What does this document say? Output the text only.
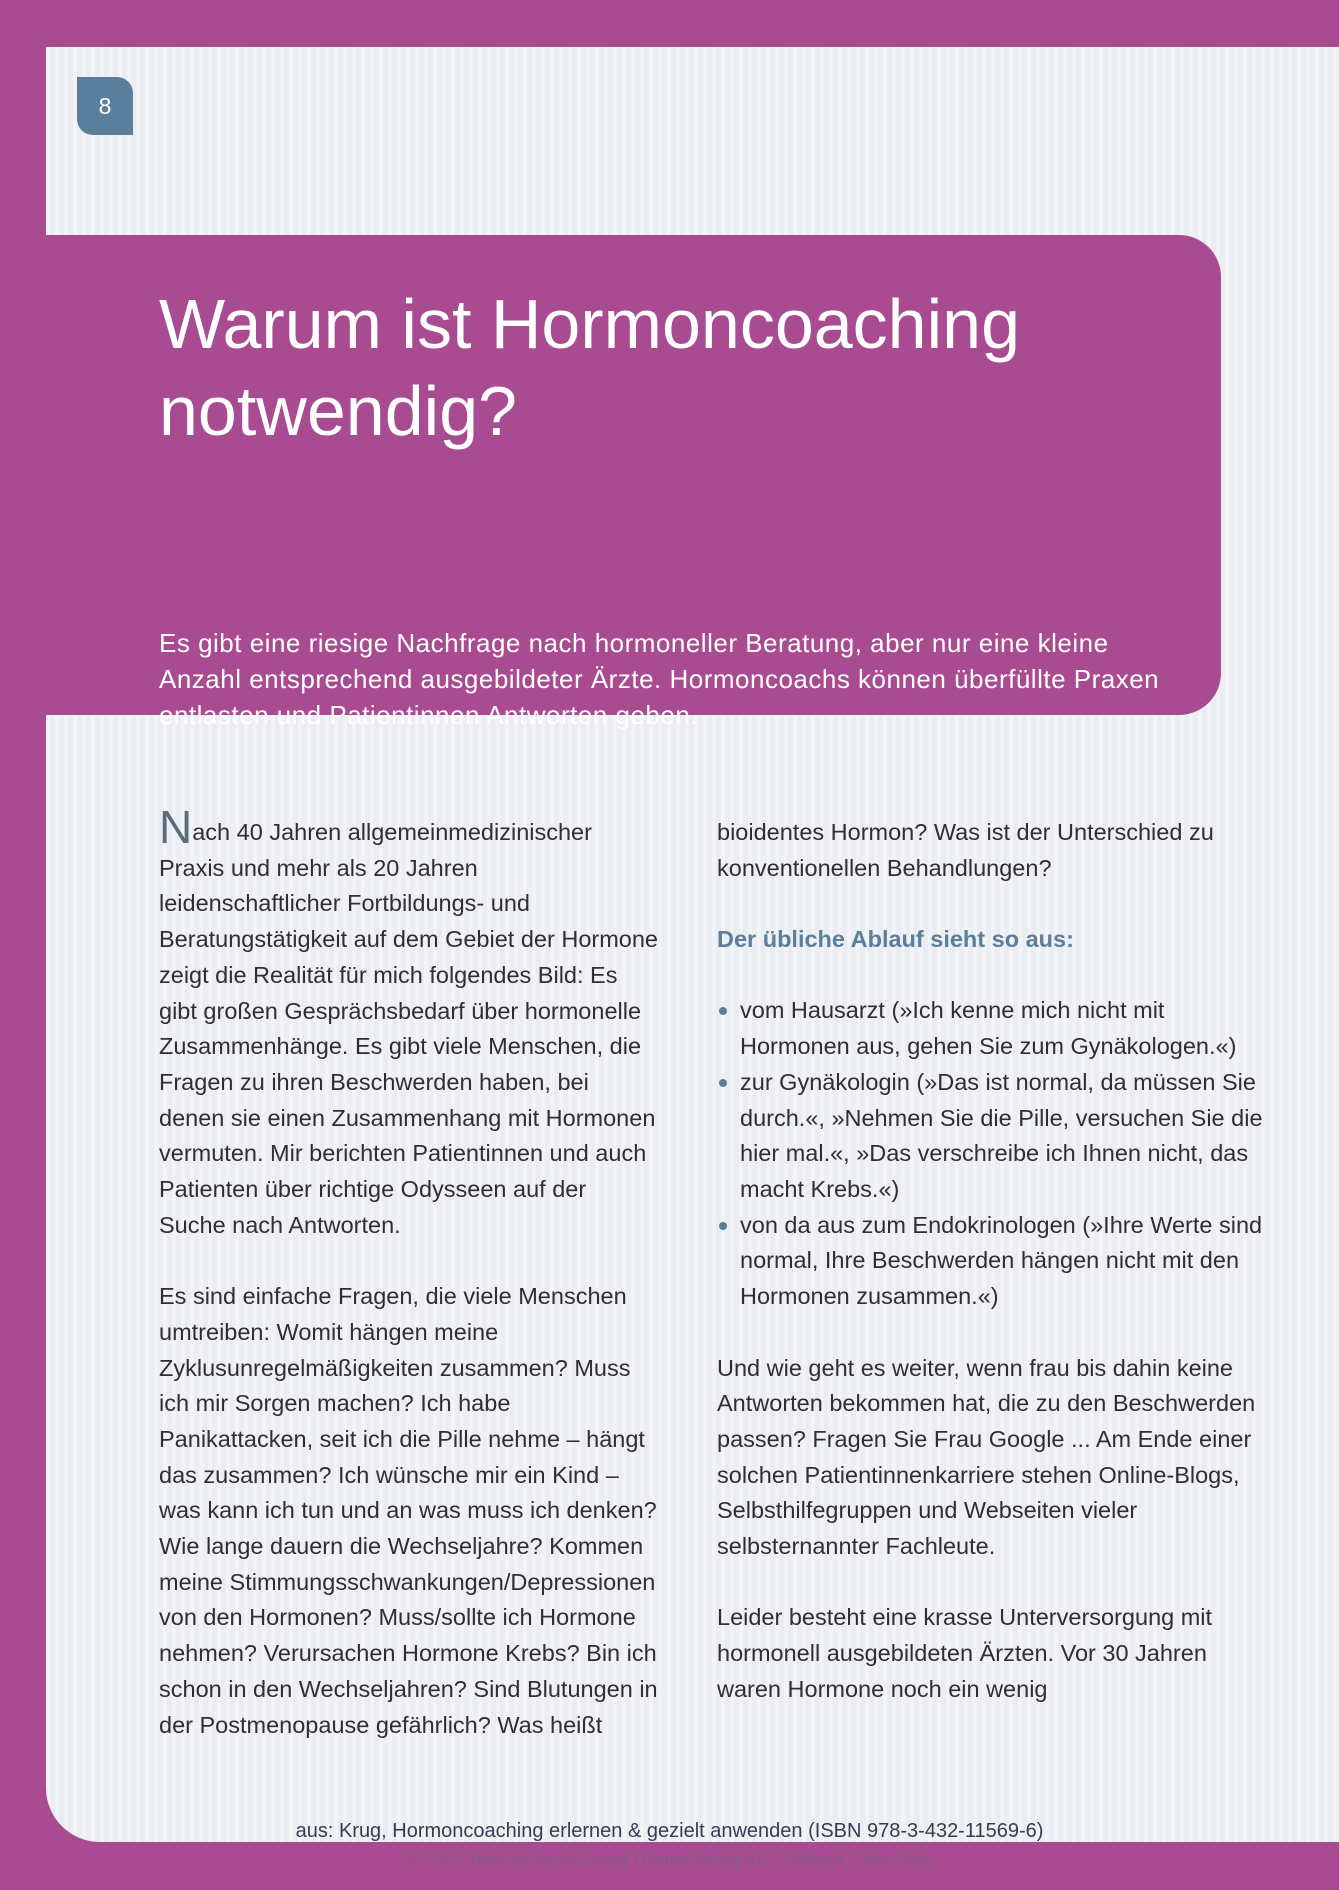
8
Warum ist Hormoncoaching
notwendig?

Es gibt eine riesige Nachfrage nach hormoneller Beratung, aber nur eine kleine Anzahl entsprechend ausgebildeter Ärzte. Hormoncoachs können überfüllte Praxen entlasten und Patientinnen Antworten geben.

Nach 40 Jahren allgemeinmedizinischer Praxis und mehr als 20 Jahren leidenschaftlicher Fortbildungs- und Beratungstätigkeit auf dem Gebiet der Hormone zeigt die Realität für mich folgendes Bild: Es gibt großen Gesprächsbedarf über hormonelle Zusammenhänge. Es gibt viele Menschen, die Fragen zu ihren Beschwerden haben, bei denen sie einen Zusammenhang mit Hormonen vermuten. Mir berichten Patientinnen und auch Patienten über richtige Odysseen auf der Suche nach Antworten.

Es sind einfache Fragen, die viele Menschen umtreiben: Womit hängen meine Zyklusunregelmäßigkeiten zusammen? Muss ich mir Sorgen machen? Ich habe Panikattacken, seit ich die Pille nehme – hängt das zusammen? Ich wünsche mir ein Kind – was kann ich tun und an was muss ich denken? Wie lange dauern die Wechseljahre? Kommen meine Stimmungsschwankungen/Depressionen von den Hormonen? Muss/sollte ich Hormone nehmen? Verursachen Hormone Krebs? Bin ich schon in den Wechseljahren? Sind Blutungen in der Postmenopause gefährlich? Was heißt

bioidentes Hormon? Was ist der Unterschied zu konventionellen Behandlungen?

Der übliche Ablauf sieht so aus:

vom Hausarzt (»Ich kenne mich nicht mit Hormonen aus, gehen Sie zum Gynäkologen.«)
zur Gynäkologin (»Das ist normal, da müssen Sie durch.«, »Nehmen Sie die Pille, versuchen Sie die hier mal.«, »Das verschreibe ich Ihnen nicht, das macht Krebs.«)
von da aus zum Endokrinologen (»Ihre Werte sind normal, Ihre Beschwerden hängen nicht mit den Hormonen zusammen.«)

Und wie geht es weiter, wenn frau bis dahin keine Antworten bekommen hat, die zu den Beschwerden passen? Fragen Sie Frau Google ... Am Ende einer solchen Patientinnenkarriere stehen Online-Blogs, Selbsthilfegruppen und Webseiten vieler selbsternannter Fachleute.

Leider besteht eine krasse Unterversorgung mit hormonell ausgebildeten Ärzten. Vor 30 Jahren waren Hormone noch ein wenig

aus: Krug, Hormoncoaching erlernen & gezielt anwenden (ISBN 978-3-432-11569-6)
© 2021 Trias Verlag in Georg Thieme Verlag KG, Stuttgart · New York
